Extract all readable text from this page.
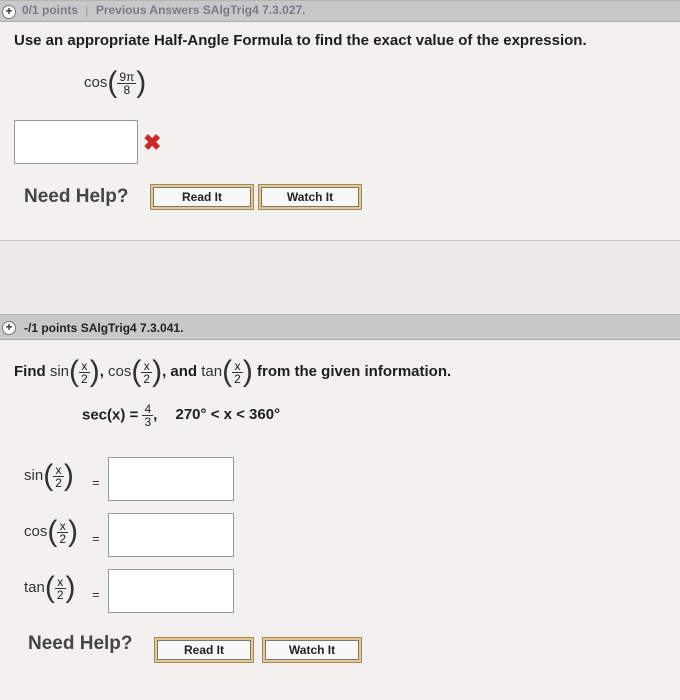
+ 0/1 points | Previous Answers SAlgTrig4 7.3.027.
Use an appropriate Half-Angle Formula to find the exact value of the expression.
$\cos( \frac{9\pi}{8}$ )
✖
Need Help?	Read It	Watch It
+ -/1 points SAlgTrig4 7.3.041.
Find $\sin( \frac{x}{2}$ ), $\cos( \frac{x}{2}$ ), and $\tan( \frac{x}{2}$ ) from the given information.
$\sec(x) = \frac{4}{3}$ , 270° < x < 360°
$\sin( \frac{x}{2}$ ) =
$\cos( \frac{x}{2}$ ) =
$\tan( \frac{x}{2}$ ) =
Need Help?	Read It	Watch It
